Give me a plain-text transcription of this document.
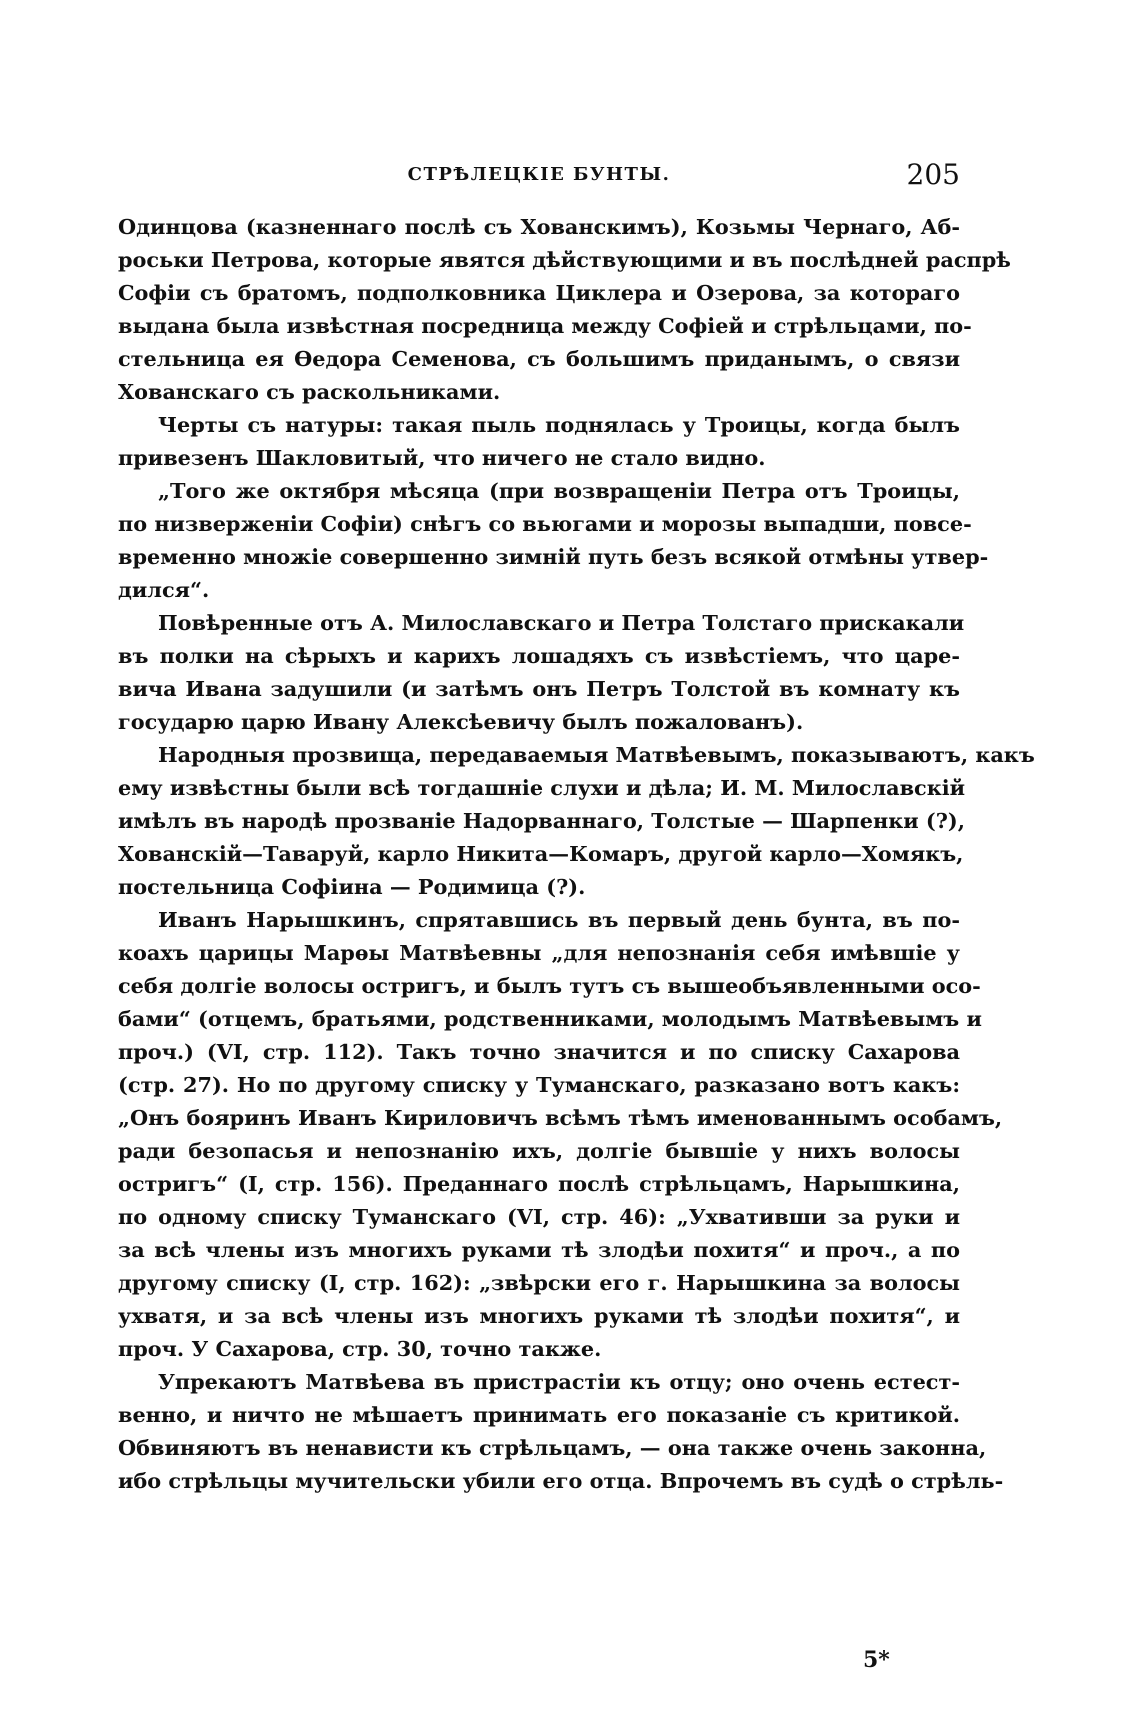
СТРѢЛЕЦКІЕ БУНТЫ.	205
Одинцова (казненнаго послѣ съ Хованскимъ), Козьмы Чернаго, Аб-
роськи Петрова, которые явятся дѣйствующими и въ послѣдней распрѣ
Софіи съ братомъ, подполковника Циклера и Озерова, за котораго
выдана была извѣстная посредница между Софіей и стрѣльцами, по-
стельница ея Ѳедора Семенова, съ большимъ приданымъ, о связи
Хованскаго съ раскольниками.
Черты съ натуры: такая пыль поднялась у Троицы, когда былъ
привезенъ Шакловитый, что ничего не стало видно.
„Того же октября мѣсяца (при возвращеніи Петра отъ Троицы,
по низверженіи Софіи) снѣгъ со вьюгами и морозы выпадши, повсе-
временно множіе совершенно зимній путь безъ всякой отмѣны утвер-
дился“.
Повѣренные отъ А. Милославскаго и Петра Толстаго прискакали
въ полки на сѣрыхъ и карихъ лошадяхъ съ извѣстіемъ, что царе-
вича Ивана задушили (и затѣмъ онъ Петръ Толстой въ комнату къ
государю царю Ивану Алексѣевичу былъ пожалованъ).
Народныя прозвища, передаваемыя Матвѣевымъ, показываютъ, какъ
ему извѣстны были всѣ тогдашніе слухи и дѣла; И. М. Милославскій
имѣлъ въ народѣ прозваніе Надорваннаго, Толстые — Шарпенки (?),
Хованскій—Таваруй, карло Никита—Комаръ, другой карло—Хомякъ,
постельница Софіина — Родимица (?).
Иванъ Нарышкинъ, спрятавшись въ первый день бунта, въ по-
коахъ царицы Марѳы Матвѣевны „для непознанія себя имѣвшіе у
себя долгіе волосы остригъ, и былъ тутъ съ вышеобъявленными осо-
бами“ (отцемъ, братьями, родственниками, молодымъ Матвѣевымъ и
проч.) (VI, стр. 112). Такъ точно значится и по списку Сахарова
(стр. 27). Но по другому списку у Туманскаго, разказано вотъ какъ:
„Онъ бояринъ Иванъ Кириловичъ всѣмъ тѣмъ именованнымъ особамъ,
ради безопасья и непознанію ихъ, долгіе бывшіе у нихъ волосы
остригъ“ (I, стр. 156). Преданнаго послѣ стрѣльцамъ, Нарышкина,
по одному списку Туманскаго (VI, стр. 46): „Ухвативши за руки и
за всѣ члены изъ многихъ руками тѣ злодѣи похитя“ и проч., а по
другому списку (I, стр. 162): „звѣрски его г. Нарышкина за волосы
ухватя, и за всѣ члены изъ многихъ руками тѣ злодѣи похитя“, и
проч. У Сахарова, стр. 30, точно также.
Упрекаютъ Матвѣева въ пристрастіи къ отцу; оно очень естест-
венно, и ничто не мѣшаетъ принимать его показаніе съ критикой.
Обвиняютъ въ ненависти къ стрѣльцамъ, — она также очень законна,
ибо стрѣльцы мучительски убили его отца. Впрочемъ въ судѣ о стрѣль-
5*
